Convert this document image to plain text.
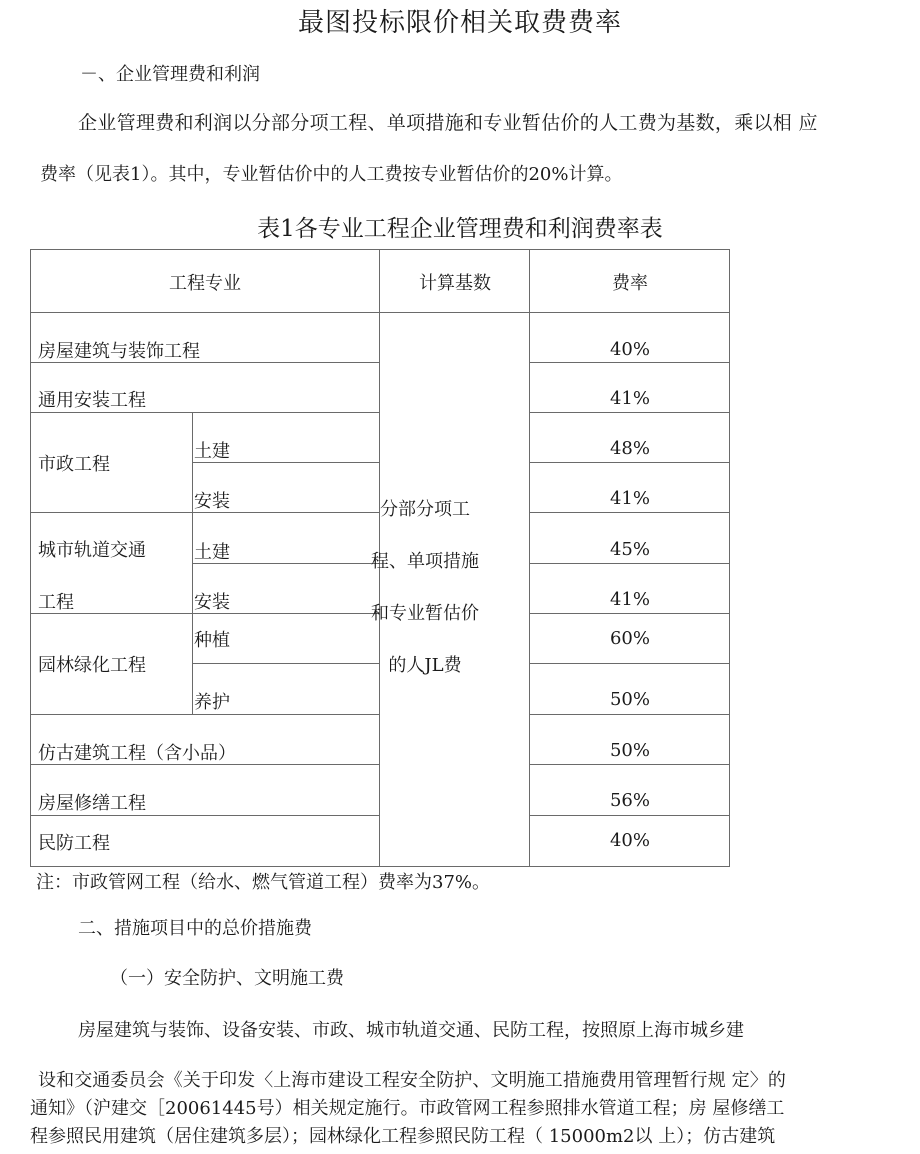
最图投标限价相关取费费率
－、企业管理费和利润
企业管理费和利润以分部分项工程、单项措施和专业暂估价的人工费为基数，乘以相 应
费率（见表1）。其中，专业暂估价中的人工费按专业暂估价的20%计算。
表1各专业工程企业管理费和利润费率表
工程专业	计算基数	费率
房屋建筑与装饰工程
通用安装工程
市政工程
城市轨道交通
工程
园林绿化工程
仿古建筑工程（含小品）
房屋修缮工程
民防工程
土建
安装
土建
安装
种植
养护
40%
41%
48%
41%
45%
41%
60%
50%
50%
56%
40%
分部分项工
程、单项措施
和专业暂估价
的人JL费
注：市政管网工程（给水、燃气管道工程）费率为37%。
二、措施项目中的总价措施费
（一）安全防护、文明施工费
房屋建筑与装饰、设备安装、市政、城市轨道交通、民防工程，按照原上海市城乡建
设和交通委员会《关于印发〈上海市建设工程安全防护、文明施工措施费用管理暂行规 定〉的
通知》（沪建交［20061445号）相关规定施行。市政管网工程参照排水管道工程；房 屋修缮工
程参照民用建筑（居住建筑多层）；园林绿化工程参照民防工程（ 15000m2以 上）；仿古建筑
